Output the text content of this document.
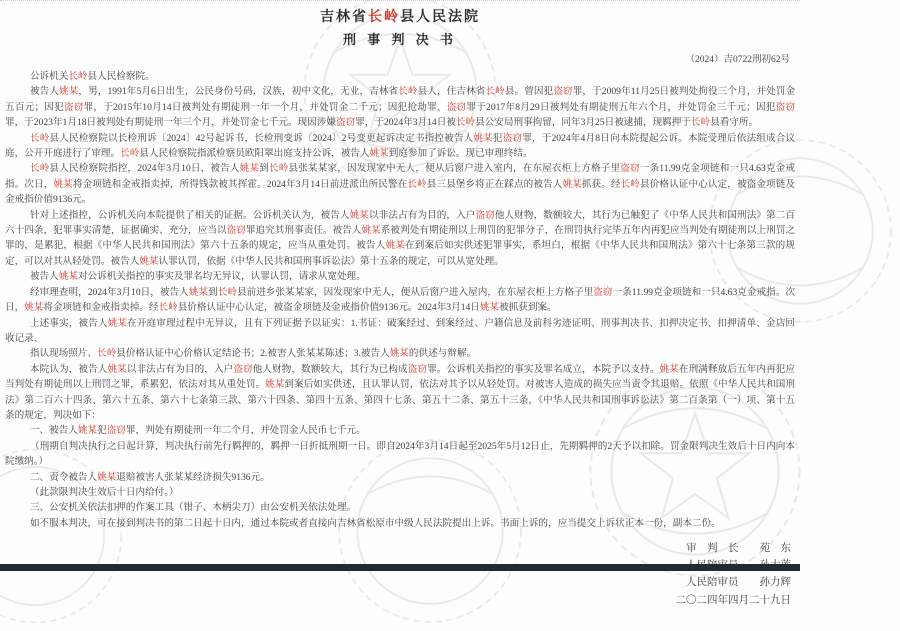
吉林省长岭县人民法院
刑 事 判 决 书
（2024）吉0722刑初62号

公诉机关长岭县人民检察院。

被告人姚某，男，1991年5月6日出生，公民身份号码，汉族，初中文化，无业，吉林省长岭县人，住吉林省长岭县。曾因犯盗窃罪，于2009年11月25日被判处拘役三个月，并处罚金五百元；因犯盗窃罪，于2015年10月14日被判处有期徒刑一年一个月，并处罚金二千元；因犯抢劫罪、盗窃罪于2017年8月29日被判处有期徒刑五年六个月，并处罚金三千元；因犯盗窃罪，于2023年1月18日被判处有期徒刑一年三个月，并处罚金七千元。现因涉嫌盗窃罪，于2024年3月14日被长岭县公安局刑事拘留，同年3月25日被逮捕，现羁押于长岭县看守所。

长岭县人民检察院以长检刑诉〔2024〕42号起诉书，长检刑变诉〔2024〕2号变更起诉决定书指控被告人姚某犯盗窃罪，于2024年4月8日向本院提起公诉。本院受理后依法组成合议庭，公开开庭进行了审理。长岭县人民检察院指派检察员欧阳翠出庭支持公诉，被告人姚某到庭参加了诉讼。现已审理终结。

长岭县人民检察院指控，2024年3月10日，被告人姚某到长岭县张某某家，因发现家中无人，便从后窗户进入室内，在东屋衣柜上方格子里盗窃一条11.99克金项链和一只4.63克金戒指。次日，姚某将金项链和金戒指卖掉，所得钱款被其挥霍。2024年3月14日前进派出所民警在长岭县三县堡乡将正在踩点的被告人姚某抓获。经长岭县价格认证中心认定，被盗金项链及金戒指价值9136元。

针对上述指控，公诉机关向本院提供了相关的证据。公诉机关认为，被告人姚某以非法占有为目的，入户盗窃他人财物，数额较大，其行为已触犯了《中华人民共和国刑法》第二百六十四条，犯罪事实清楚，证据确实、充分，应当以盗窃罪追究其刑事责任。被告人姚某系被判处有期徒刑以上刑罚的犯罪分子，在刑罚执行完毕五年内再犯应当判处有期徒刑以上刑罚之罪的，是累犯，根据《中华人民共和国刑法》第六十五条的规定，应当从重处罚。被告人姚某在到案后如实供述犯罪事实，系坦白，根据《中华人民共和国刑法》第六十七条第三款的规定，可以对其从轻处罚。被告人姚某认罪认罚，依据《中华人民共和国刑事诉讼法》第十五条的规定，可以从宽处理。

被告人姚某对公诉机关指控的事实及罪名均无异议，认罪认罚，请求从宽处理。

经审理查明，2024年3月10日，被告人姚某到长岭县前进乡张某某家，因发现家中无人，便从后窗户进入屋内，在东屋衣柜上方格子里盗窃一条11.99克金项链和一只4.63克金戒指。次日，姚某将金项链和金戒指卖掉。经长岭县价格认证中心认定，被盗金项链及金戒指价值9136元。2024年3月14日姚某被抓获到案。

上述事实，被告人姚某在开庭审理过程中无异议，且有下列证据予以证实：1.书证：破案经过、到案经过、户籍信息及前科劣迹证明、刑事判决书、扣押决定书、扣押清单、金店回收记录、

指认现场照片、长岭县价格认证中心价格认定结论书；2.被害人张某某陈述；3.被告人姚某的供述与辩解。

本院认为，被告人姚某以非法占有为目的，入户盗窃他人财物，数额较大，其行为已构成盗窃罪。公诉机关指控的事实及罪名成立，本院予以支持。姚某在刑满释放后五年内再犯应当判处有期徒刑以上刑罚之罪，系累犯，依法对其从重处罚。姚某到案后如实供述，且认罪认罚，依法对其予以从轻处罚。对被害人造成的损失应当责令其退赔。依照《中华人民共和国刑法》第二百六十四条、第六十五条、第六十七条第三款、第六十四条、第四十五条、第四十七条、第五十二条、第五十三条，《中华人民共和国刑事诉讼法》第二百条第（一）项、第十五条的规定，判决如下：

一、被告人姚某犯盗窃罪，判处有期徒刑一年二个月，并处罚金人民币七千元。

（刑期自判决执行之日起计算，判决执行前先行羁押的，羁押一日折抵刑期一日。即自2024年3月14日起至2025年5月12日止，先期羁押的2天予以扣除。罚金限判决生效后十日内向本院缴纳。）

二、责令被告人姚某退赔被害人张某某经济损失9136元。

（此款限判决生效后十日内给付。）

三、公安机关依法扣押的作案工具（钳子、木柄尖刀）由公安机关依法处理。

如不服本判决，可在接到判决书的第二日起十日内，通过本院或者直接向吉林省松原市中级人民法院提出上诉。书面上诉的，应当提交上诉状正本一份，副本二份。

审　判　长　　苑　东
人民陪审员　　孙力辉
二〇二四年四月二十九日
